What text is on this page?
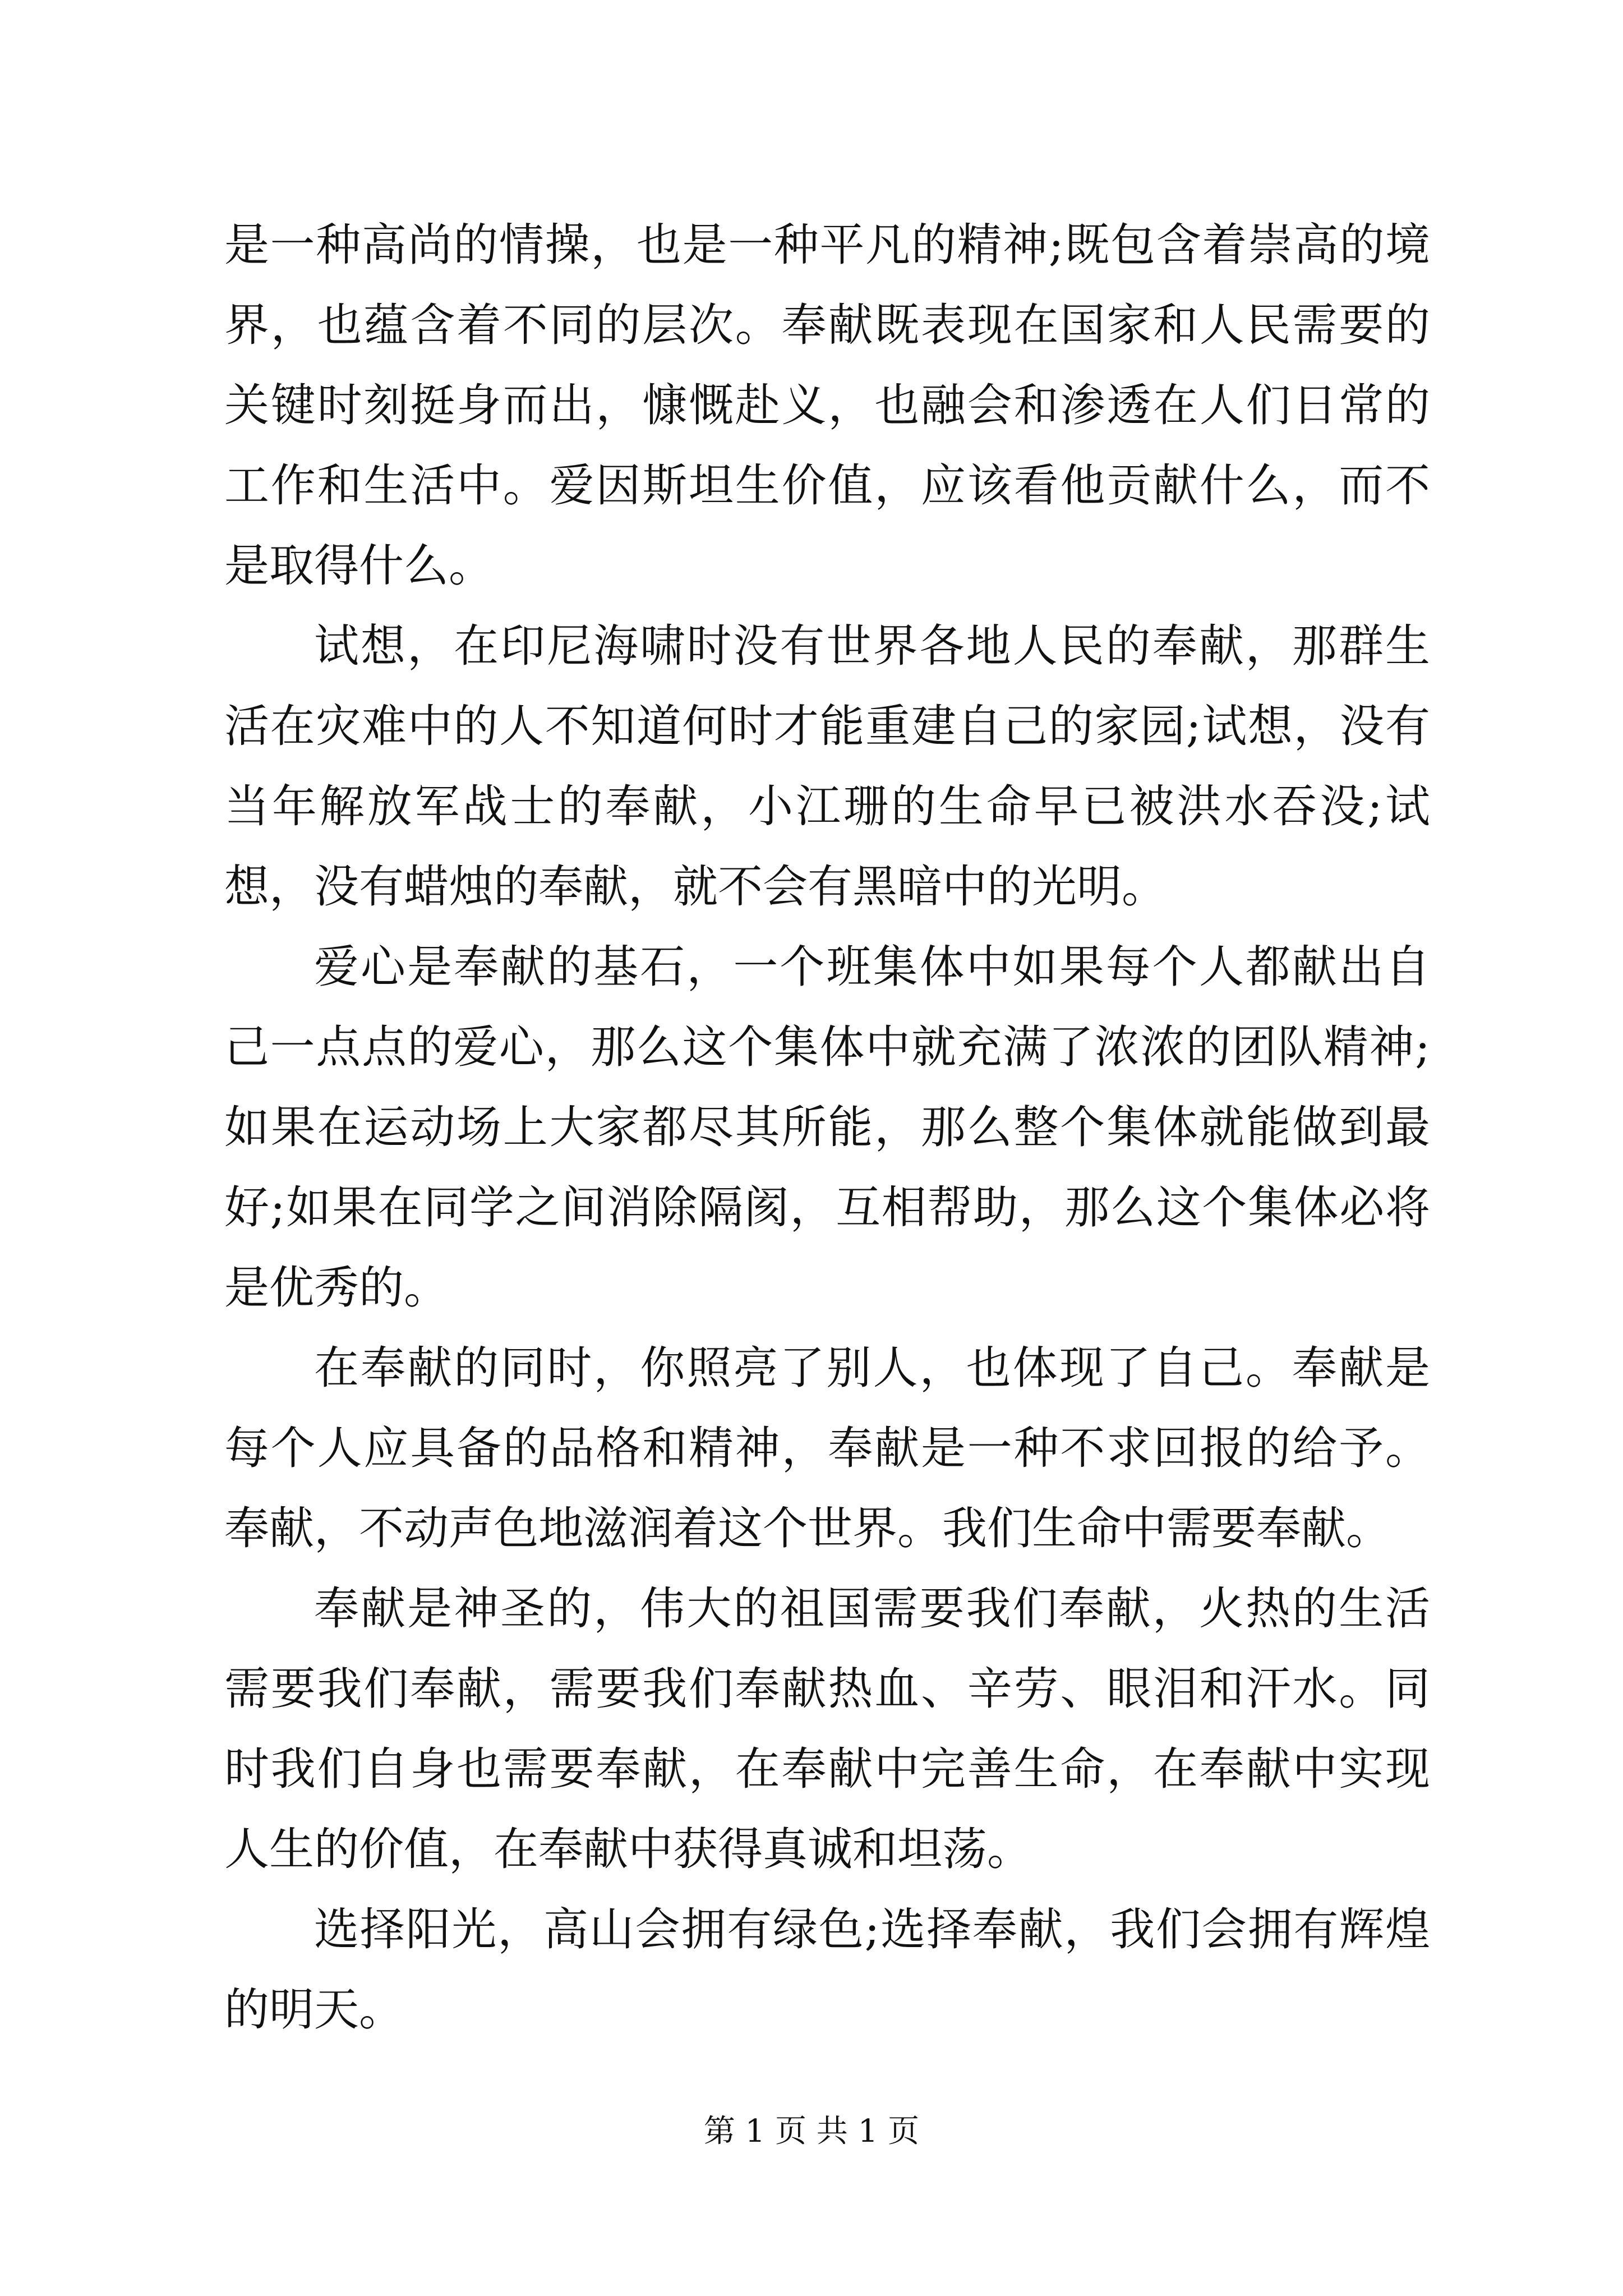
是一种高尚的情操，也是一种平凡的精神;既包含着崇高的境界，也蕴含着不同的层次。奉献既表现在国家和人民需要的关键时刻挺身而出，慷慨赴义，也融会和渗透在人们日常的工作和生活中。爱因斯坦生价值，应该看他贡献什么，而不是取得什么。

试想，在印尼海啸时没有世界各地人民的奉献，那群生活在灾难中的人不知道何时才能重建自己的家园;试想，没有当年解放军战士的奉献，小江珊的生命早已被洪水吞没;试想，没有蜡烛的奉献，就不会有黑暗中的光明。

爱心是奉献的基石，一个班集体中如果每个人都献出自己一点点的爱心，那么这个集体中就充满了浓浓的团队精神;如果在运动场上大家都尽其所能，那么整个集体就能做到最好;如果在同学之间消除隔阂，互相帮助，那么这个集体必将是优秀的。

在奉献的同时，你照亮了别人，也体现了自己。奉献是每个人应具备的品格和精神，奉献是一种不求回报的给予。奉献，不动声色地滋润着这个世界。我们生命中需要奉献。

奉献是神圣的，伟大的祖国需要我们奉献，火热的生活需要我们奉献，需要我们奉献热血、辛劳、眼泪和汗水。同时我们自身也需要奉献，在奉献中完善生命，在奉献中实现人生的价值，在奉献中获得真诚和坦荡。

选择阳光，高山会拥有绿色;选择奉献，我们会拥有辉煌的明天。

第 1 页 共 1 页
